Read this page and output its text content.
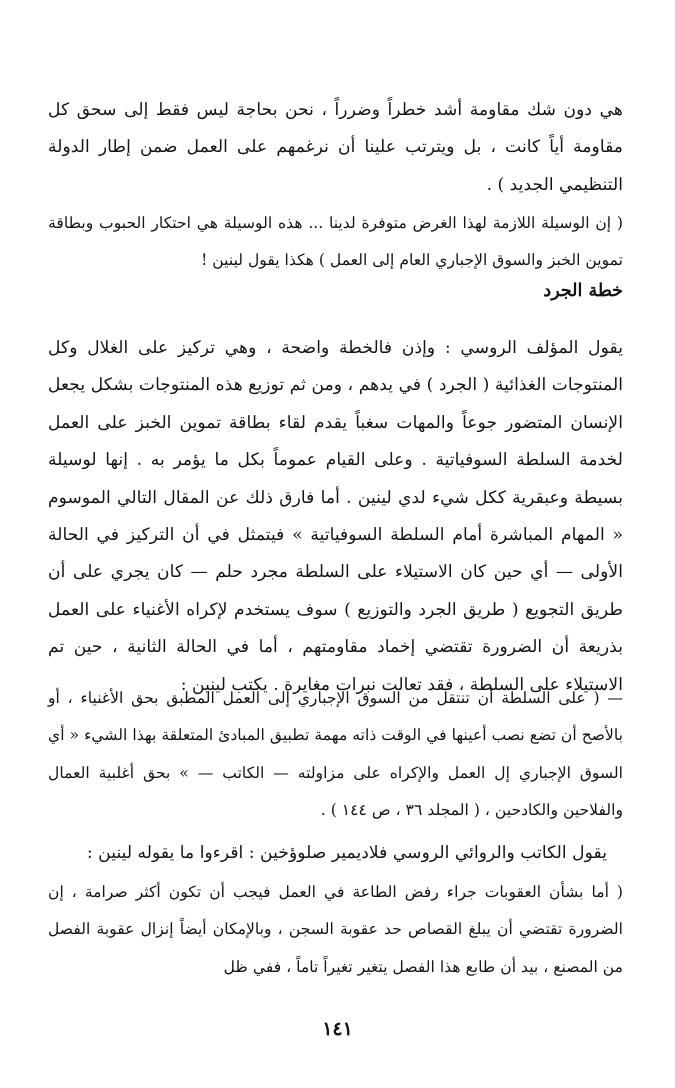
هي دون شك مقاومة أشد خطراً وضرراً ، نحن بحاجة ليس فقط إلى سحق كل مقاومة أياً كانت ، بل ويترتب علينا أن نرغمهم على العمل ضمن إطار الدولة التنظيمي الجديد ) .

( إن الوسيلة اللازمة لهذا الغرض متوفرة لدينا ... هذه الوسيلة هي احتكار الحبوب وبطاقة تموين الخبز والسوق الإجباري العام إلى العمل ) هكذا يقول لينين !

خطة الجرد

يقول المؤلف الروسي : وإذن فالخطة واضحة ، وهي تركيز على الغلال وكل المنتوجات الغذائية ( الجرد ) في يدهم ، ومن ثم توزيع هذه المنتوجات بشكل يجعل الإنسان المتضور جوعاً والمهات سغباً يقدم لقاء بطاقة تموين الخبز على العمل لخدمة السلطة السوفياتية . وعلى القيام عموماً بكل ما يؤمر به . إنها لوسيلة بسيطة وعبقرية ككل شيء لدي لينين . أما فارق ذلك عن المقال التالي الموسوم « المهام المباشرة أمام السلطة السوفياتية » فيتمثل في أن التركيز في الحالة الأولى — أي حين كان الاستيلاء على السلطة مجرد حلم — كان يجري على أن طريق التجويع ( طريق الجرد والتوزيع ) سوف يستخدم لإكراه الأغنياء على العمل بذريعة أن الضرورة تقتضي إخماد مقاومتهم ، أما في الحالة الثانية ، حين تم الاستيلاء على السلطة ، فقد تعالت نبرات مغايرة . يكتب لينين :

— ( على السلطة أن تنتقل من السوق الإجباري إلى العمل المطبق بحق الأغنياء ، أو بالأصح أن تضع نصب أعينها في الوقت ذاته مهمة تطبيق المبادئ المتعلقة بهذا الشيء « أي السوق الإجباري إل العمل والإكراه على مزاولته — الكاتب — » بحق أغلبية العمال والفلاحين والكادحين ، ( المجلد ٣٦ ، ص ١٤٤ ) .

يقول الكاتب والروائي الروسي فلاديمير صلوؤخين : اقرءوا ما يقوله لينين :

( أما بشأن العقوبات جراء رفض الطاعة في العمل فيجب أن تكون أكثر صرامة ، إن الضرورة تقتضي أن يبلغ القصاص حد عقوبة السجن ، وبالإمكان أيضاً إنزال عقوبة الفصل من المصنع ، بيد أن طابع هذا الفصل يتغير تغيراً تاماً ، ففي ظل

١٤١
